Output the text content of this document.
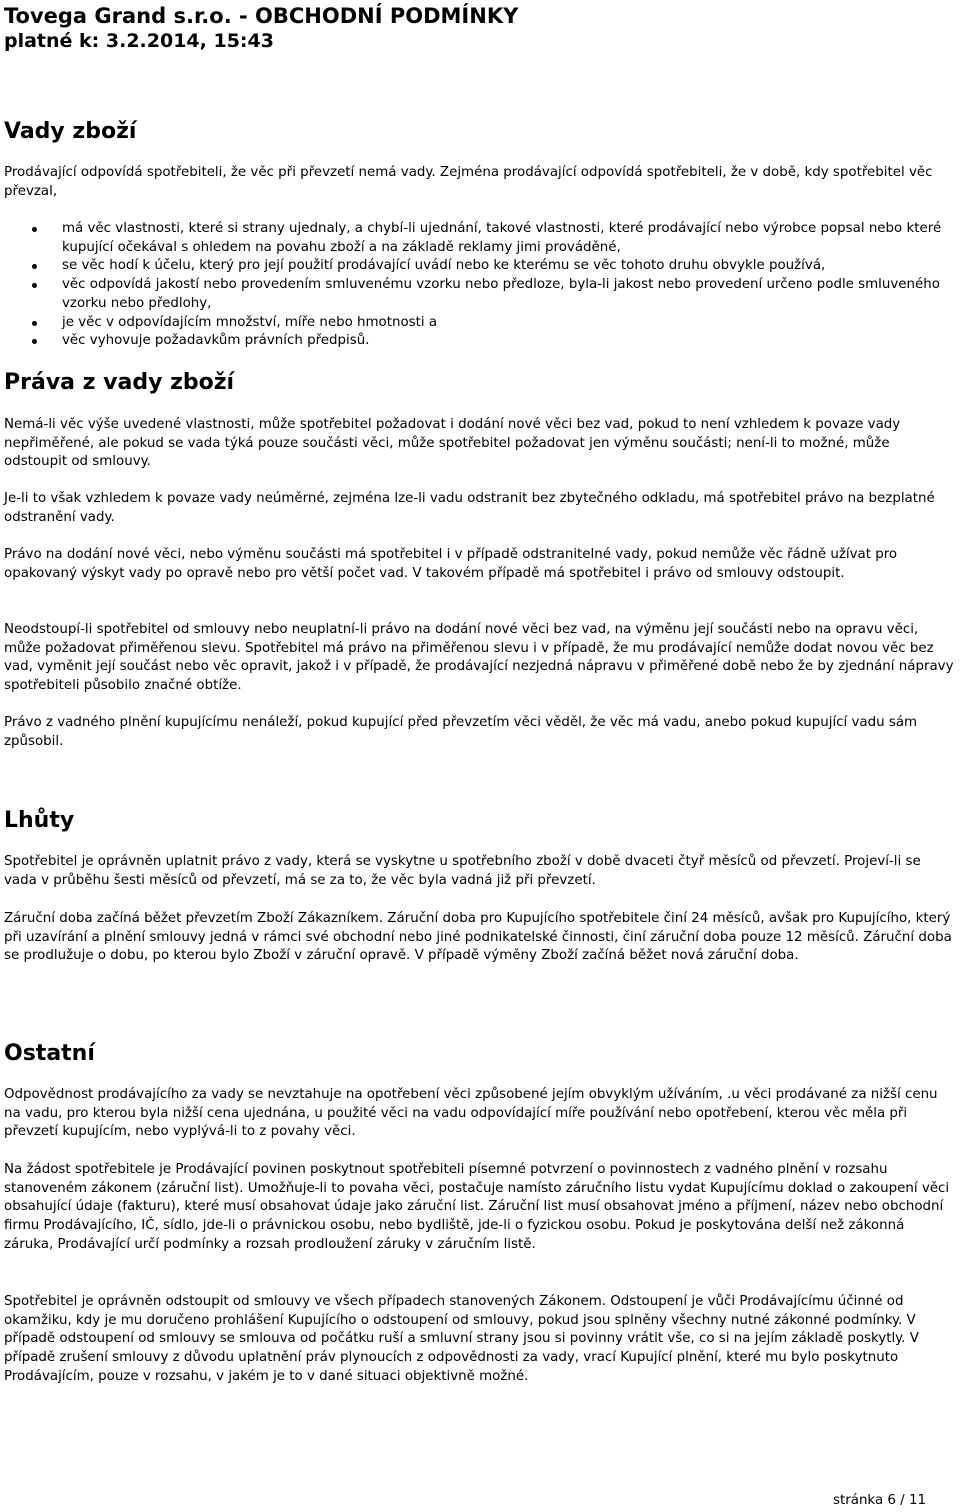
Tovega Grand s.r.o. - OBCHODNÍ PODMÍNKY
platné k: 3.2.2014, 15:43
Vady zboží

Prodávající odpovídá spotřebiteli, že věc při převzetí nemá vady. Zejména prodávající odpovídá spotřebiteli, že v době, kdy spotřebitel věc převzal,

má věc vlastnosti, které si strany ujednaly, a chybí-li ujednání, takové vlastnosti, které prodávající nebo výrobce popsal nebo které kupující očekával s ohledem na povahu zboží a na základě reklamy jimi prováděné,
se věc hodí k účelu, který pro její použití prodávající uvádí nebo ke kterému se věc tohoto druhu obvykle používá,
věc odpovídá jakostí nebo provedením smluvenému vzorku nebo předloze, byla-li jakost nebo provedení určeno podle smluveného vzorku nebo předlohy,
je věc v odpovídajícím množství, míře nebo hmotnosti a
věc vyhovuje požadavkům právních předpisů.
Práva z vady zboží

Nemá-li věc výše uvedené vlastnosti, může spotřebitel požadovat i dodání nové věci bez vad, pokud to není vzhledem k povaze vady nepřiměřené, ale pokud se vada týká pouze součásti věci, může spotřebitel požadovat jen výměnu součásti; není-li to možné, může odstoupit od smlouvy.

Je-li to však vzhledem k povaze vady neúměrné, zejména lze-li vadu odstranit bez zbytečného odkladu, má spotřebitel právo na bezplatné odstranění vady.

Právo na dodání nové věci, nebo výměnu součásti má spotřebitel i v případě odstranitelné vady, pokud nemůže věc řádně užívat pro opakovaný výskyt vady po opravě nebo pro větší počet vad. V takovém případě má spotřebitel i právo od smlouvy odstoupit.

Neodstoupí-li spotřebitel od smlouvy nebo neuplatní-li právo na dodání nové věci bez vad, na výměnu její součásti nebo na opravu věci, může požadovat přiměřenou slevu. Spotřebitel má právo na přiměřenou slevu i v případě, že mu prodávající nemůže dodat novou věc bez vad, vyměnit její součást nebo věc opravit, jakož i v případě, že prodávající nezjedná nápravu v přiměřené době nebo že by zjednání nápravy spotřebiteli působilo značné obtíže.

Právo z vadného plnění kupujícímu nenáleží, pokud kupující před převzetím věci věděl, že věc má vadu, anebo pokud kupující vadu sám způsobil.

Lhůty

Spotřebitel je oprávněn uplatnit právo z vady, která se vyskytne u spotřebního zboží v době dvaceti čtyř měsíců od převzetí. Projeví-li se vada v průběhu šesti měsíců od převzetí, má se za to, že věc byla vadná již při převzetí.

Záruční doba začíná běžet převzetím Zboží Zákazníkem. Záruční doba pro Kupujícího spotřebitele činí 24 měsíců, avšak pro Kupujícího, který při uzavírání a plnění smlouvy jedná v rámci své obchodní nebo jiné podnikatelské činnosti, činí záruční doba pouze 12 měsíců. Záruční doba se prodlužuje o dobu, po kterou bylo Zboží v záruční opravě. V případě výměny Zboží začíná běžet nová záruční doba.

Ostatní

Odpovědnost prodávajícího za vady se nevztahuje na opotřebení věci způsobené jejím obvyklým užíváním, .u věci prodávané za nižší cenu na vadu, pro kterou byla nižší cena ujednána, u použité věci na vadu odpovídající míře používání nebo opotřebení, kterou věc měla při převzetí kupujícím, nebo vyplývá-li to z povahy věci.

Na žádost spotřebitele je Prodávající povinen poskytnout spotřebiteli písemné potvrzení o povinnostech z vadného plnění v rozsahu stanoveném zákonem (záruční list). Umožňuje-li to povaha věci, postačuje namísto záručního listu vydat Kupujícímu doklad o zakoupení věci obsahující údaje (fakturu), které musí obsahovat údaje jako záruční list. Záruční list musí obsahovat jméno a příjmení, název nebo obchodní firmu Prodávajícího, IČ, sídlo, jde-li o právnickou osobu, nebo bydliště, jde-li o fyzickou osobu. Pokud je poskytována delší než zákonná záruka, Prodávající určí podmínky a rozsah prodloužení záruky v záručním listě.

Spotřebitel je oprávněn odstoupit od smlouvy ve všech případech stanovených Zákonem. Odstoupení je vůči Prodávajícímu účinné od okamžiku, kdy je mu doručeno prohlášení Kupujícího o odstoupení od smlouvy, pokud jsou splněny všechny nutné zákonné podmínky. V případě odstoupení od smlouvy se smlouva od počátku ruší a smluvní strany jsou si povinny vrátit vše, co si na jejím základě poskytly. V případě zrušení smlouvy z důvodu uplatnění práv plynoucích z odpovědnosti za vady, vrací Kupující plnění, které mu bylo poskytnuto Prodávajícím, pouze v rozsahu, v jakém je to v dané situaci objektivně možné.

stránka 6 / 11
